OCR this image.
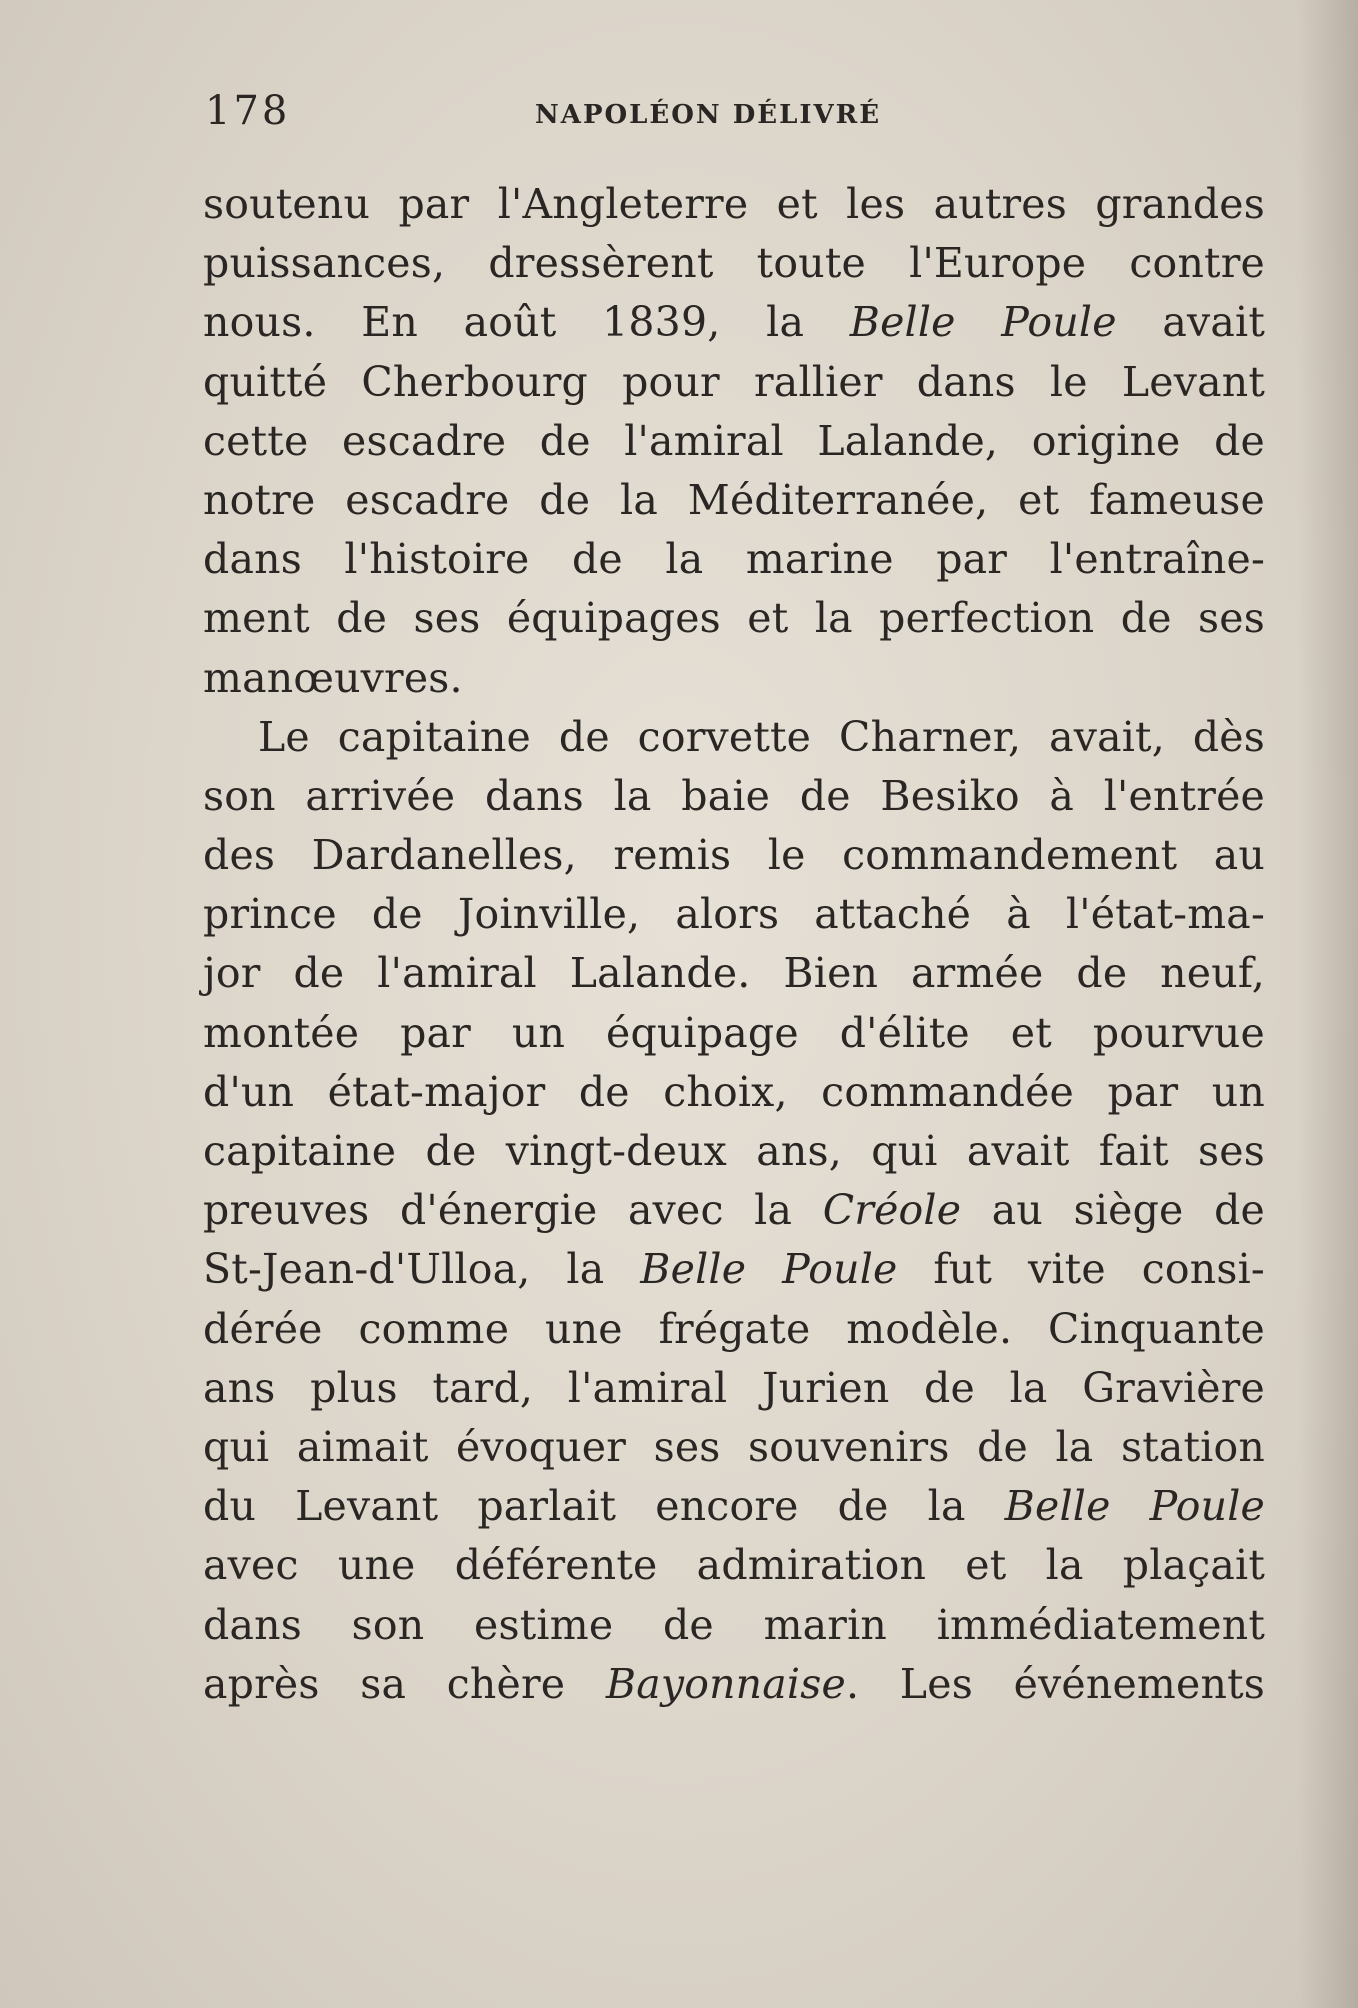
178	NAPOLÉON DÉLIVRÉ
soutenu par l'Angleterre et les autres grandes
puissances, dressèrent toute l'Europe contre
nous. En août 1839, la Belle Poule avait
quitté Cherbourg pour rallier dans le Levant
cette escadre de l'amiral Lalande, origine de
notre escadre de la Méditerranée, et fameuse
dans l'histoire de la marine par l'entraîne-
ment de ses équipages et la perfection de ses
manœuvres.
Le capitaine de corvette Charner, avait, dès
son arrivée dans la baie de Besiko à l'entrée
des Dardanelles, remis le commandement au
prince de Joinville, alors attaché à l'état-ma-
jor de l'amiral Lalande. Bien armée de neuf,
montée par un équipage d'élite et pourvue
d'un état-major de choix, commandée par un
capitaine de vingt-deux ans, qui avait fait ses
preuves d'énergie avec la Créole au siège de
St-Jean-d'Ulloa, la Belle Poule fut vite consi-
dérée comme une frégate modèle. Cinquante
ans plus tard, l'amiral Jurien de la Gravière
qui aimait évoquer ses souvenirs de la station
du Levant parlait encore de la Belle Poule
avec une déférente admiration et la plaçait
dans son estime de marin immédiatement
après sa chère Bayonnaise. Les événements
